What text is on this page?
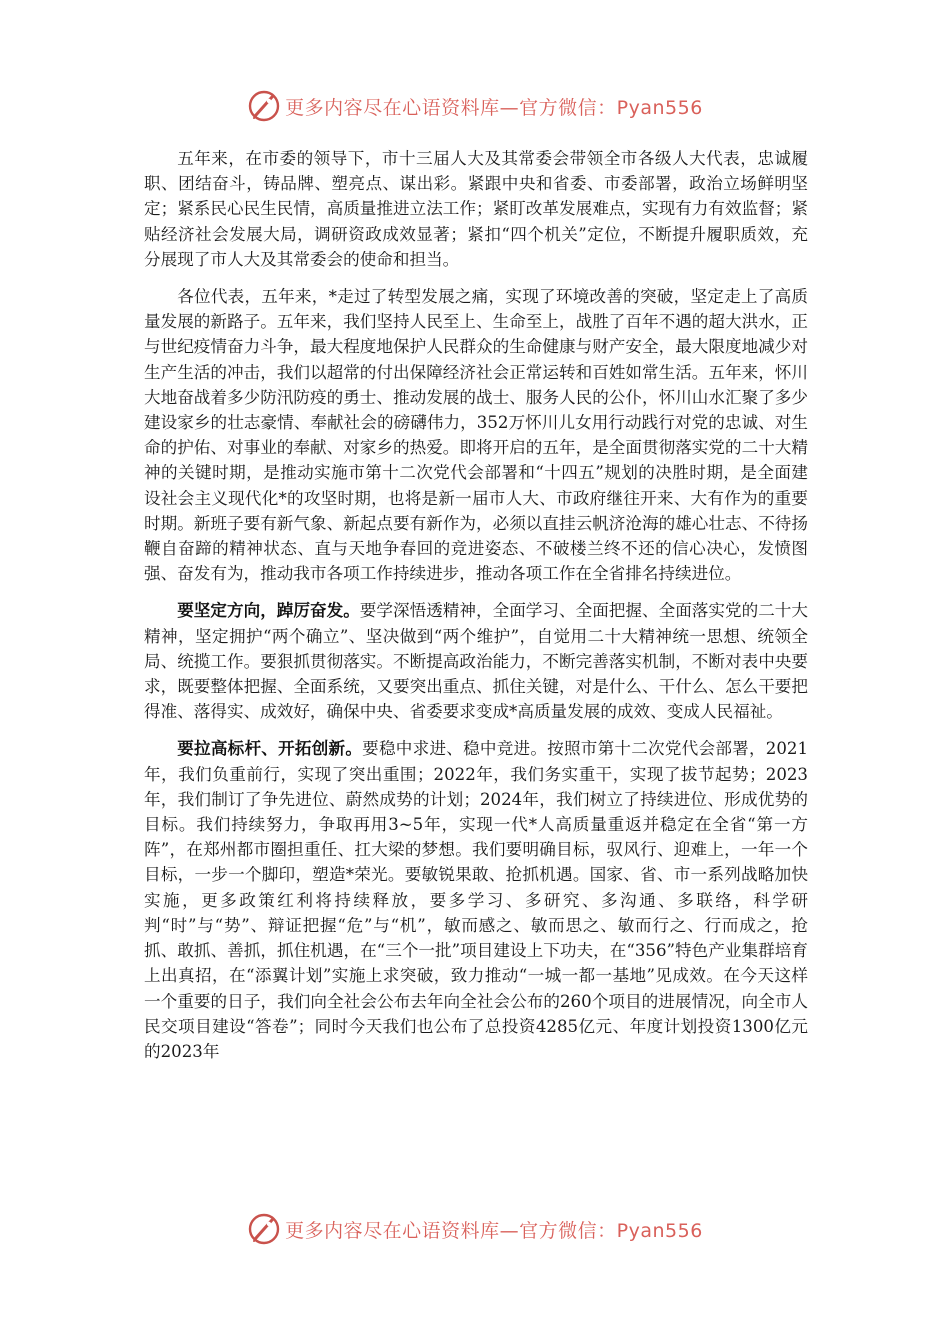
更多内容尽在心语资料库—官方微信：Pyan556

五年来，在市委的领导下，市十三届人大及其常委会带领全市各级人大代表，忠诚履职、团结奋斗，铸品牌、塑亮点、谋出彩。紧跟中央和省委、市委部署，政治立场鲜明坚定；紧系民心民生民情，高质量推进立法工作；紧盯改革发展难点，实现有力有效监督；紧贴经济社会发展大局，调研资政成效显著；紧扣“四个机关”定位，不断提升履职质效，充分展现了市人大及其常委会的使命和担当。

各位代表，五年来，*走过了转型发展之痛，实现了环境改善的突破，坚定走上了高质量发展的新路子。五年来，我们坚持人民至上、生命至上，战胜了百年不遇的超大洪水，正与世纪疫情奋力斗争，最大程度地保护人民群众的生命健康与财产安全，最大限度地减少对生产生活的冲击，我们以超常的付出保障经济社会正常运转和百姓如常生活。五年来，怀川大地奋战着多少防汛防疫的勇士、推动发展的战士、服务人民的公仆，怀川山水汇聚了多少建设家乡的壮志豪情、奉献社会的磅礴伟力，352万怀川儿女用行动践行对党的忠诚、对生命的护佑、对事业的奉献、对家乡的热爱。即将开启的五年，是全面贯彻落实党的二十大精神的关键时期，是推动实施市第十二次党代会部署和“十四五”规划的决胜时期，是全面建设社会主义现代化*的攻坚时期，也将是新一届市人大、市政府继往开来、大有作为的重要时期。新班子要有新气象、新起点要有新作为，必须以直挂云帆济沧海的雄心壮志、不待扬鞭自奋蹄的精神状态、直与天地争春回的竞进姿态、不破楼兰终不还的信心决心，发愤图强、奋发有为，推动我市各项工作持续进步，推动各项工作在全省排名持续进位。

要坚定方向，踔厉奋发。要学深悟透精神，全面学习、全面把握、全面落实党的二十大精神，坚定拥护“两个确立”、坚决做到“两个维护”，自觉用二十大精神统一思想、统领全局、统揽工作。要狠抓贯彻落实。不断提高政治能力，不断完善落实机制，不断对表中央要求，既要整体把握、全面系统，又要突出重点、抓住关键，对是什么、干什么、怎么干要把得准、落得实、成效好，确保中央、省委要求变成*高质量发展的成效、变成人民福祉。

要拉高标杆、开拓创新。要稳中求进、稳中竞进。按照市第十二次党代会部署，2021年，我们负重前行，实现了突出重围；2022年，我们务实重干，实现了拔节起势；2023年，我们制订了争先进位、蔚然成势的计划；2024年，我们树立了持续进位、形成优势的目标。我们持续努力，争取再用3~5年，实现一代*人高质量重返并稳定在全省“第一方阵”，在郑州都市圈担重任、扛大梁的梦想。我们要明确目标，驭风行、迎难上，一年一个目标，一步一个脚印，塑造*荣光。要敏锐果敢、抢抓机遇。国家、省、市一系列战略加快实施，更多政策红利将持续释放，要多学习、多研究、多沟通、多联络，科学研判“时”与“势”、辩证把握“危”与“机”，敏而感之、敏而思之、敏而行之、行而成之，抢抓、敢抓、善抓，抓住机遇，在“三个一批”项目建设上下功夫，在“356”特色产业集群培育上出真招，在“添翼计划”实施上求突破，致力推动“一城一都一基地”见成效。在今天这样一个重要的日子，我们向全社会公布去年向全社会公布的260个项目的进展情况，向全市人民交项目建设“答卷”；同时今天我们也公布了总投资4285亿元、年度计划投资1300亿元的2023年

更多内容尽在心语资料库—官方微信：Pyan556
